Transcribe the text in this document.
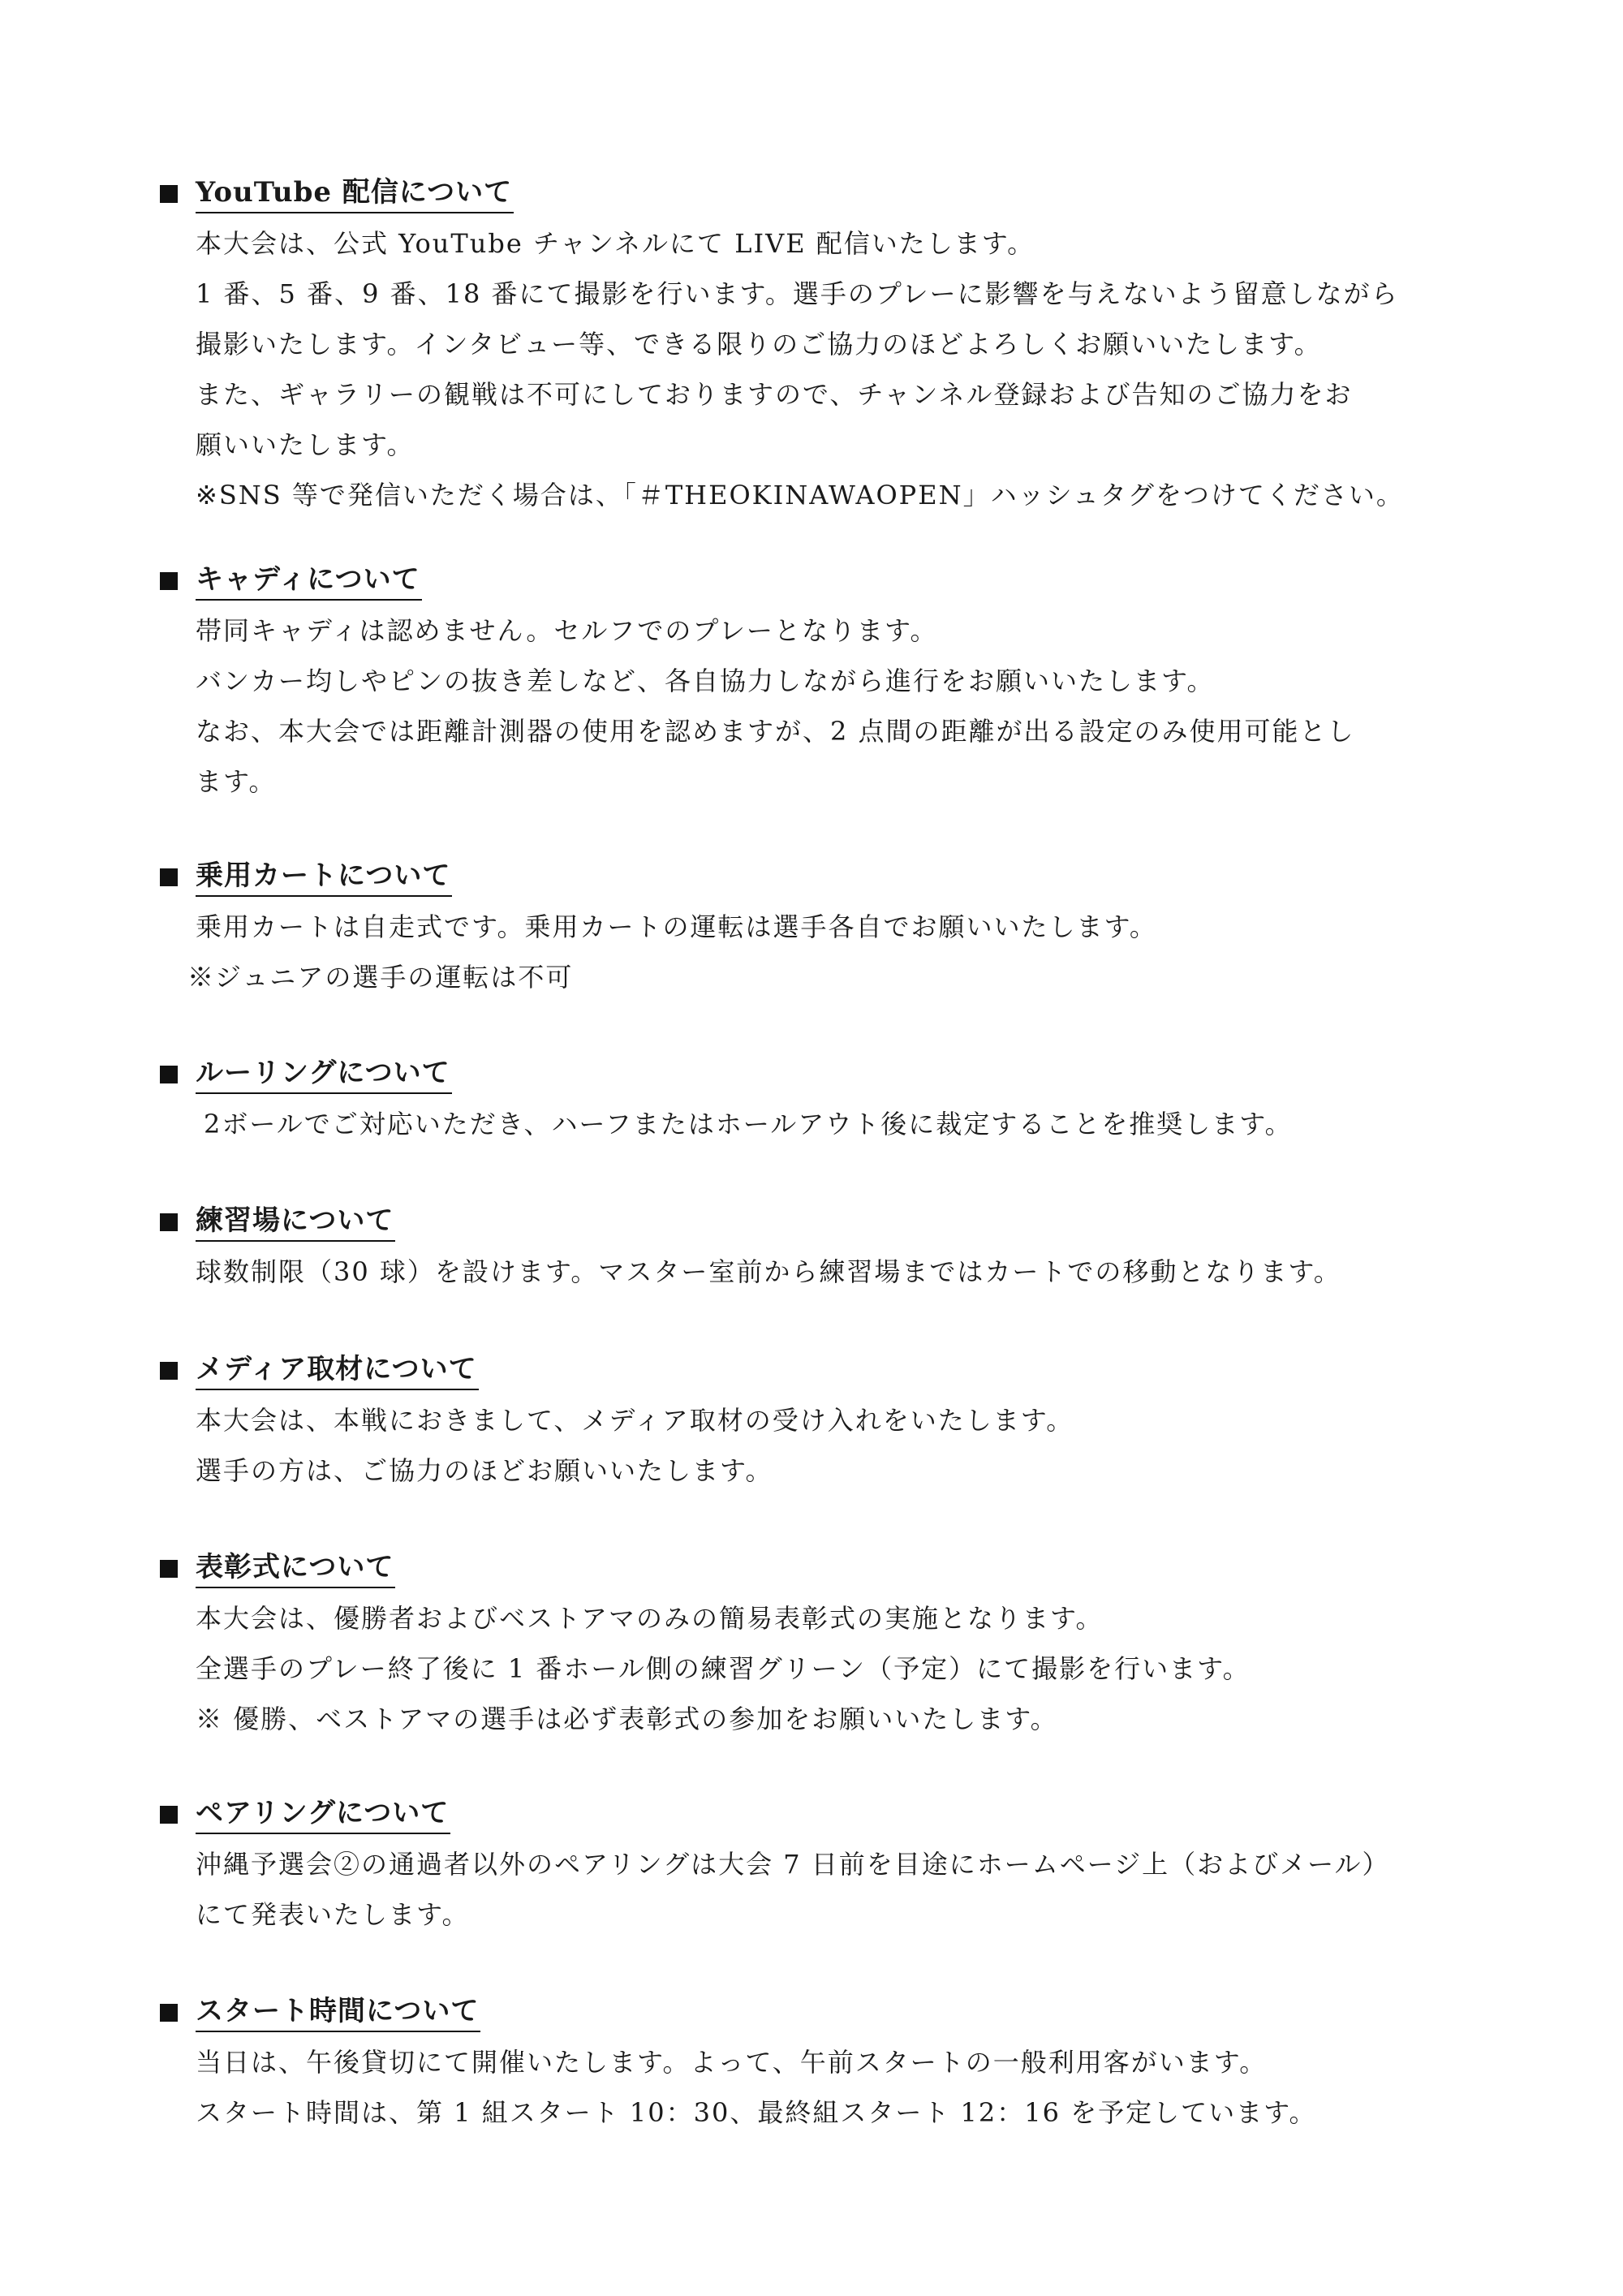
YouTube 配信について
本大会は、公式 YouTube チャンネルにて LIVE 配信いたします。
1 番、5 番、9 番、18 番にて撮影を行います。選手のプレーに影響を与えないよう留意しながら
撮影いたします。インタビュー等、できる限りのご協力のほどよろしくお願いいたします。
また、ギャラリーの観戦は不可にしておりますので、チャンネル登録および告知のご協力をお
願いいたします。
※SNS 等で発信いただく場合は、「＃THEOKINAWAOPEN」ハッシュタグをつけてください。
キャディについて
帯同キャディは認めません。セルフでのプレーとなります。
バンカー均しやピンの抜き差しなど、各自協力しながら進行をお願いいたします。
なお、本大会では距離計測器の使用を認めますが、2 点間の距離が出る設定のみ使用可能とし
ます。
乗用カートについて
乗用カートは自走式です。乗用カートの運転は選手各自でお願いいたします。
※ジュニアの選手の運転は不可
ルーリングについて
2ボールでご対応いただき、ハーフまたはホールアウト後に裁定することを推奨します。
練習場について
球数制限（30 球）を設けます。マスター室前から練習場まではカートでの移動となります。
メディア取材について
本大会は、本戦におきまして、メディア取材の受け入れをいたします。
選手の方は、ご協力のほどお願いいたします。
表彰式について
本大会は、優勝者およびベストアマのみの簡易表彰式の実施となります。
全選手のプレー終了後に 1 番ホール側の練習グリーン（予定）にて撮影を行います。
※ 優勝、ベストアマの選手は必ず表彰式の参加をお願いいたします。
ペアリングについて
沖縄予選会②の通過者以外のペアリングは大会 7 日前を目途にホームページ上（およびメール）
にて発表いたします。
スタート時間について
当日は、午後貸切にて開催いたします。よって、午前スタートの一般利用客がいます。
スタート時間は、第 1 組スタート 10：30、最終組スタート 12：16 を予定しています。
